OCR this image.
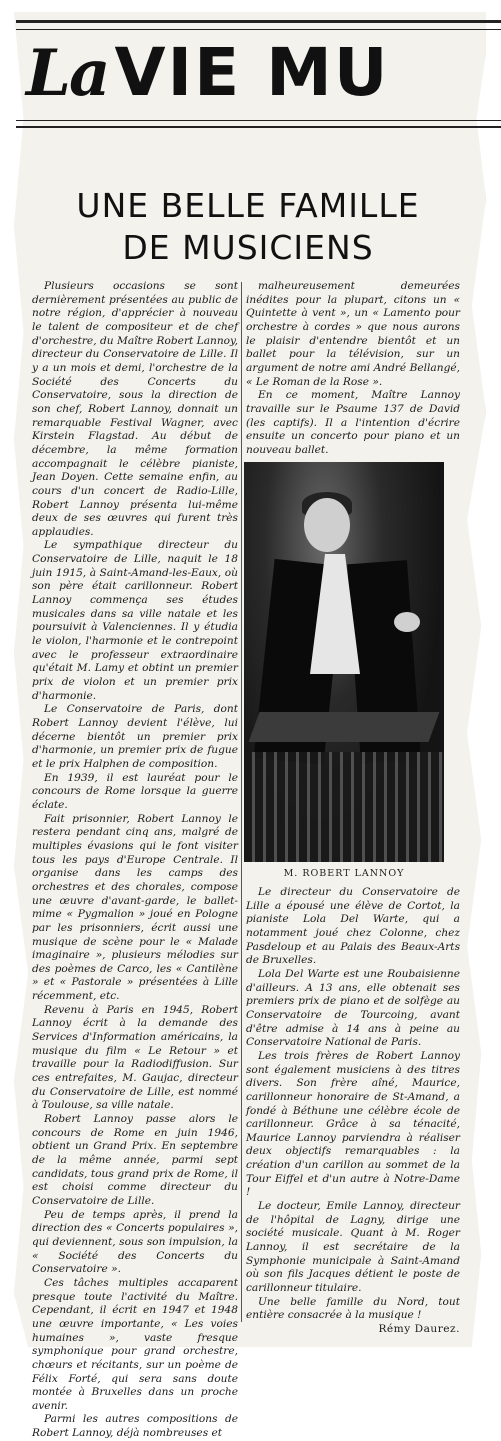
LaVIE MU
UNE BELLE FAMILLE
DE MUSICIENS

Plusieurs occasions se sont dernièrement présentées au public de notre région, d'apprécier à nouveau le talent de compositeur et de chef d'orchestre, du Maître Robert Lannoy, directeur du Conservatoire de Lille. Il y a un mois et demi, l'orchestre de la Société des Concerts du Conservatoire, sous la direction de son chef, Robert Lannoy, donnait un remarquable Festival Wagner, avec Kirstein Flagstad. Au début de décembre, la même formation accompagnait le célèbre pianiste, Jean Doyen. Cette semaine enfin, au cours d'un concert de Radio-Lille, Robert Lannoy présenta lui-même deux de ses œuvres qui furent très applaudies.

Le sympathique directeur du Conservatoire de Lille, naquit le 18 juin 1915, à Saint-Amand-les-Eaux, où son père était carillonneur. Robert Lannoy commença ses études musicales dans sa ville natale et les poursuivit à Valenciennes. Il y étudia le violon, l'harmonie et le contrepoint avec le professeur extraordinaire qu'était M. Lamy et obtint un premier prix de violon et un premier prix d'harmonie.

Le Conservatoire de Paris, dont Robert Lannoy devient l'élève, lui décerne bientôt un premier prix d'harmonie, un premier prix de fugue et le prix Halphen de composition.

En 1939, il est lauréat pour le concours de Rome lorsque la guerre éclate.

Fait prisonnier, Robert Lannoy le restera pendant cinq ans, malgré de multiples évasions qui le font visiter tous les pays d'Europe Centrale. Il organise dans les camps des orchestres et des chorales, compose une œuvre d'avant-garde, le ballet-mime « Pygmalion » joué en Pologne par les prisonniers, écrit aussi une musique de scène pour le « Malade imaginaire », plusieurs mélodies sur des poèmes de Carco, les « Cantilène » et « Pastorale » présentées à Lille récemment, etc.

Revenu à Paris en 1945, Robert Lannoy écrit à la demande des Services d'Information américains, la musique du film « Le Retour » et travaille pour la Radiodiffusion. Sur ces entrefaites, M. Gaujac, directeur du Conservatoire de Lille, est nommé à Toulouse, sa ville natale.

Robert Lannoy passe alors le concours de Rome en juin 1946, obtient un Grand Prix. En septembre de la même année, parmi sept candidats, tous grand prix de Rome, il est choisi comme directeur du Conservatoire de Lille.

Peu de temps après, il prend la direction des « Concerts populaires », qui deviennent, sous son impulsion, la « Société des Concerts du Conservatoire ».

Ces tâches multiples accaparent presque toute l'activité du Maître. Cependant, il écrit en 1947 et 1948 une œuvre importante, « Les voies humaines », vaste fresque symphonique pour grand orchestre, chœurs et récitants, sur un poème de Félix Forté, qui sera sans doute montée à Bruxelles dans un proche avenir.

Parmi les autres compositions de Robert Lannoy, déjà nombreuses et

malheureusement demeurées inédites pour la plupart, citons un « Quintette à vent », un « Lamento pour orchestre à cordes » que nous aurons le plaisir d'entendre bientôt et un ballet pour la télévision, sur un argument de notre ami André Bellangé, « Le Roman de la Rose ».

En ce moment, Maître Lannoy travaille sur le Psaume 137 de David (les captifs). Il a l'intention d'écrire ensuite un concerto pour piano et un nouveau ballet.

M. ROBERT LANNOY

Le directeur du Conservatoire de Lille a épousé une élève de Cortot, la pianiste Lola Del Warte, qui a notamment joué chez Colonne, chez Pasdeloup et au Palais des Beaux-Arts de Bruxelles.

Lola Del Warte est une Roubaisienne d'ailleurs. A 13 ans, elle obtenait ses premiers prix de piano et de solfège au Conservatoire de Tourcoing, avant d'être admise à 14 ans à peine au Conservatoire National de Paris.

Les trois frères de Robert Lannoy sont également musiciens à des titres divers. Son frère aîné, Maurice, carillonneur honoraire de St-Amand, a fondé à Béthune une célèbre école de carillonneur. Grâce à sa ténacité, Maurice Lannoy parviendra à réaliser deux objectifs remarquables : la création d'un carillon au sommet de la Tour Eiffel et d'un autre à Notre-Dame !

Le docteur, Emile Lannoy, directeur de l'hôpital de Lagny, dirige une société musicale. Quant à M. Roger Lannoy, il est secrétaire de la Symphonie municipale à Saint-Amand où son fils Jacques détient le poste de carillonneur titulaire.

Une belle famille du Nord, tout entière consacrée à la musique !

Rémy Daurez.
